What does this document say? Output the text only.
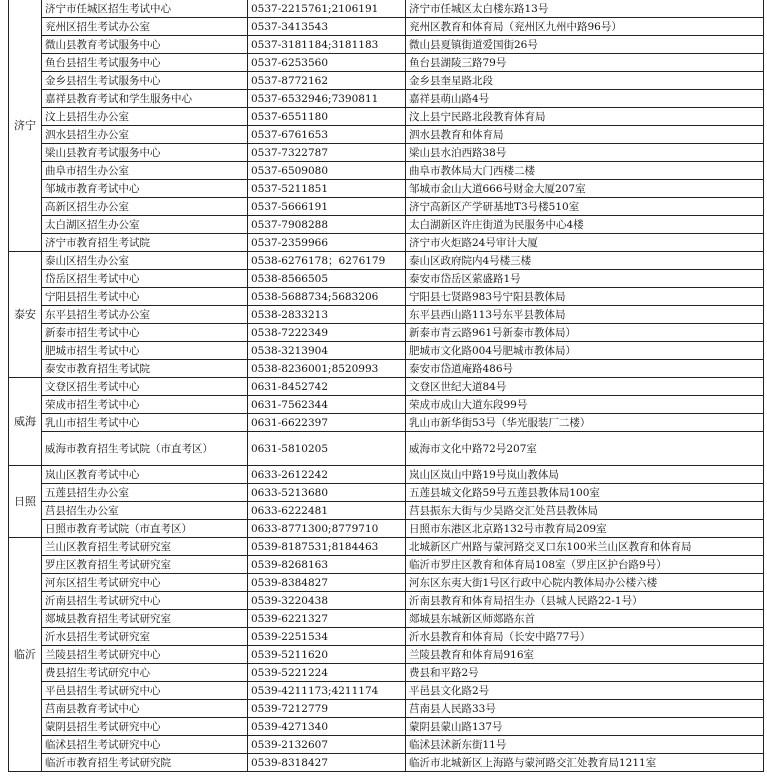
济宁	济宁市任城区招生考试中心	0537-2215761;2106191	济宁市任城区太白楼东路13号
	兖州区招生考试办公室	0537-3413543	兖州区教育和体育局（兖州区九州中路96号）
	微山县教育考试服务中心	0537-3181184;3181183	微山县夏镇街道爱国街26号
	鱼台县招生考试服务中心	0537-6253560	鱼台县湖陵三路79号
	金乡县招生考试服务中心	0537-8772162	金乡县奎星路北段
	嘉祥县教育考试和学生服务中心	0537-6532946;7390811	嘉祥县萌山路4号
	汶上县招生办公室	0537-6551180	汶上县宁民路北段教育体育局
	泗水县招生办公室	0537-6761653	泗水县教育和体育局
	梁山县教育考试服务中心	0537-7322787	梁山县水泊西路38号
	曲阜市招生办公室	0537-6509080	曲阜市教体局大门西楼二楼
	邹城市教育考试中心	0537-5211851	邹城市金山大道666号财金大厦207室
	高新区招生办公室	0537-5666191	济宁高新区产学研基地T3号楼510室
	太白湖区招生办公室	0537-7908288	太白湖新区许庄街道为民服务中心4楼
	济宁市教育招生考试院	0537-2359966	济宁市火炬路24号审计大厦
泰安	泰山区招生办公室	0538-6276178；6276179	泰山区政府院内4号楼三楼
	岱岳区招生考试中心	0538-8566505	泰安市岱岳区萦盛路1号
	宁阳县招生考试中心	0538-5688734;5683206	宁阳县七贤路983号宁阳县教体局
	东平县招生考试办公室	0538-2833213	东平县西山路113号东平县教体局
	新泰市招生考试中心	0538-7222349	新泰市青云路961号新泰市教体局）
	肥城市招生考试中心	0538-3213904	肥城市文化路004号肥城市教体局）
	泰安市教育招生考试院	0538-8236001;8520993	泰安市岱道庵路486号
威海	文登区招生考试中心	0631-8452742	文登区世纪大道84号
	荣成市招生考试中心	0631-7562344	荣成市成山大道东段99号
	乳山市招生考试中心	0631-6622397	乳山市新华街53号（华光服装厂二楼）
	威海市教育招生考试院（市直考区）	0631-5810205	威海市文化中路72号207室
日照	岚山区教育考试中心	0633-2612242	岚山区岚山中路19号岚山教体局
	五莲县招生办公室	0633-5213680	五莲县城文化路59号五莲县教体局100室
	莒县招生办公室	0633-6222481	莒县振东大街与少昊路交汇处莒县教体局
	日照市教育考试院（市直考区）	0633-8771300;8779710	日照市东港区北京路132号市教育局209室
临沂	兰山区教育招生考试研究室	0539-8187531;8184463	北城新区广州路与蒙河路交叉口东100米兰山区教育和体育局
	罗庄区教育招生考试研究室	0539-8268163	临沂市罗庄区教育和体育局108室（罗庄区护台路9号）
	河东区招生考试研究中心	0539-8384827	河东区东夷大街1号区行政中心院内教体局办公楼六楼
	沂南县招生考试研究中心	0539-3220438	沂南县教育和体育局招生办（县城人民路22-1号）
	郯城县教育招生考试研究室	0539-6221327	郯城县东城新区师郯路东首
	沂水县招生考试研究室	0539-2251534	沂水县教育和体育局（长安中路77号）
	兰陵县招生考试研究中心	0539-5211620	兰陵县教育和体育局916室
	费县招生考试研究中心	0539-5221224	费县和平路2号
	平邑县招生考试研究中心	0539-4211173;4211174	平邑县文化路2号
	莒南县教育考试中心	0539-7212779	莒南县人民路33号
	蒙阴县招生考试研究中心	0539-4271340	蒙阴县蒙山路137号
	临沭县招生考试研究中心	0539-2132607	临沭县沭新东街11号
	临沂市教育招生考试研究院	0539-8318427	临沂市北城新区上海路与蒙河路交汇处教育局1211室
